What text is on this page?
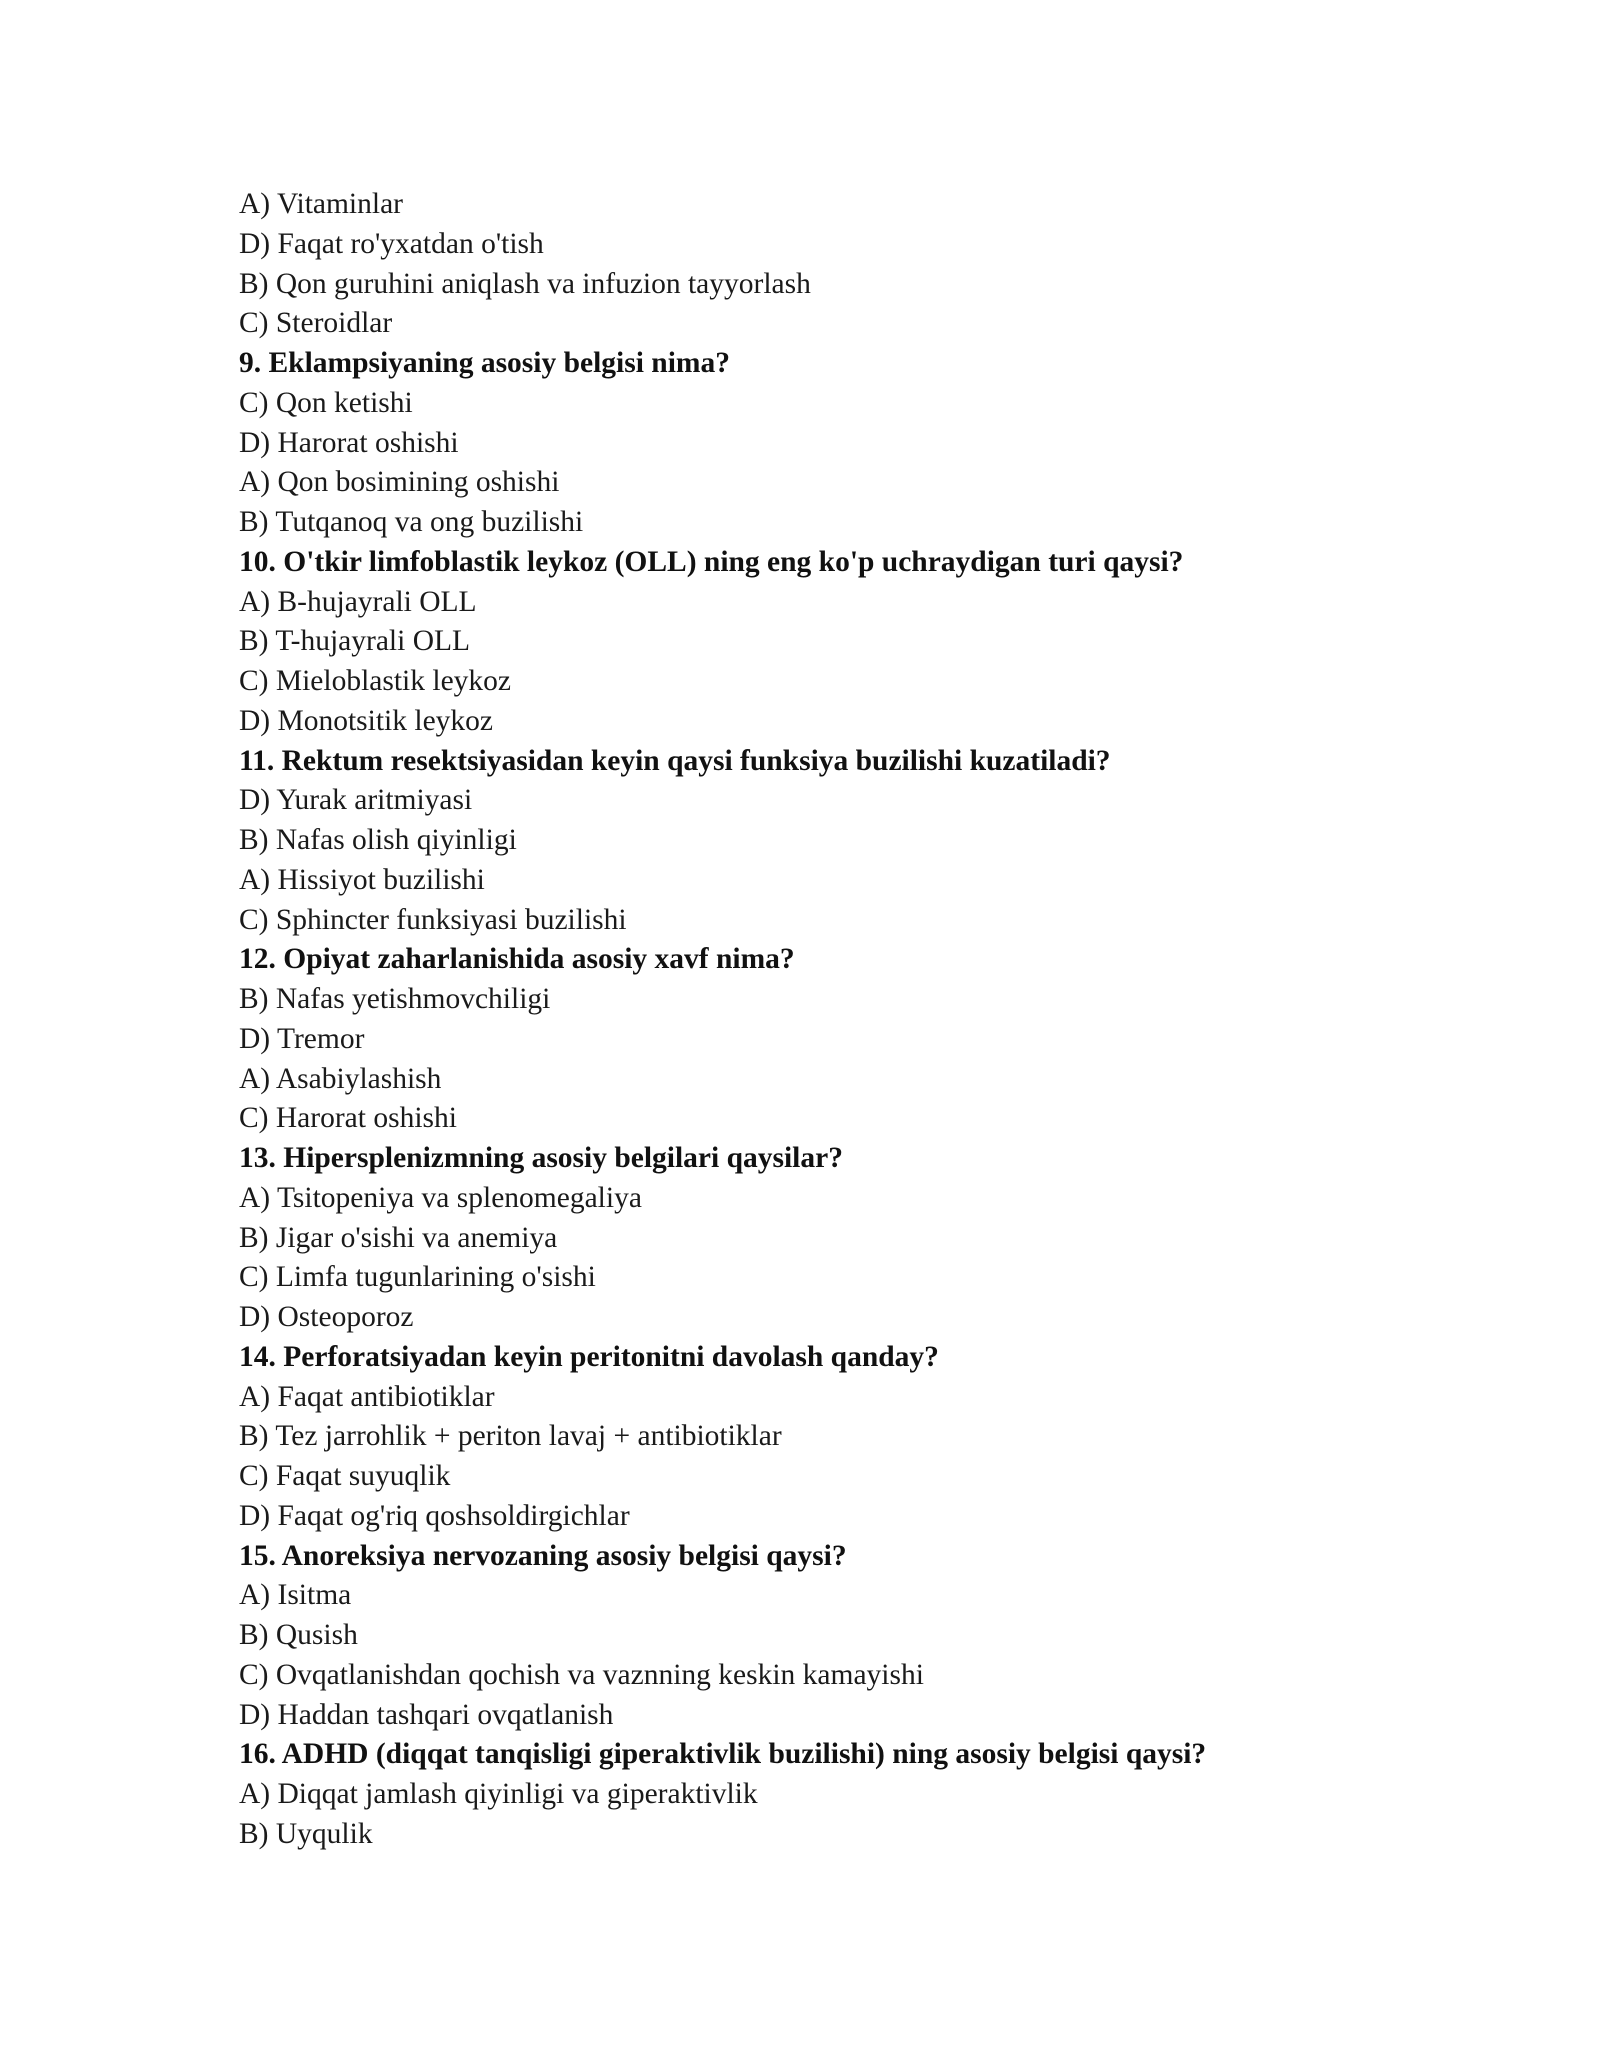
A) Vitaminlar
D) Faqat ro'yxatdan o'tish
B) Qon guruhini aniqlash va infuzion tayyorlash
C) Steroidlar
9. Eklampsiyaning asosiy belgisi nima?
C) Qon ketishi
D) Harorat oshishi
A) Qon bosimining oshishi
B) Tutqanoq va ong buzilishi
10. O'tkir limfoblastik leykoz (OLL) ning eng ko'p uchraydigan turi qaysi?
A) B-hujayrali OLL
B) T-hujayrali OLL
C) Mieloblastik leykoz
D) Monotsitik leykoz
11. Rektum resektsiyasidan keyin qaysi funksiya buzilishi kuzatiladi?
D) Yurak aritmiyasi
B) Nafas olish qiyinligi
A) Hissiyot buzilishi
C) Sphincter funksiyasi buzilishi
12. Opiyat zaharlanishida asosiy xavf nima?
B) Nafas yetishmovchiligi
D) Tremor
A) Asabiylashish
C) Harorat oshishi
13. Hipersplenizmning asosiy belgilari qaysilar?
A) Tsitopeniya va splenomegaliya
B) Jigar o'sishi va anemiya
C) Limfa tugunlarining o'sishi
D) Osteoporoz
14. Perforatsiyadan keyin peritonitni davolash qanday?
A) Faqat antibiotiklar
B) Tez jarrohlik + periton lavaj + antibiotiklar
C) Faqat suyuqlik
D) Faqat og'riq qoshsoldirgichlar
15. Anoreksiya nervozaning asosiy belgisi qaysi?
A) Isitma
B) Qusish
C) Ovqatlanishdan qochish va vaznning keskin kamayishi
D) Haddan tashqari ovqatlanish
16. ADHD (diqqat tanqisligi giperaktivlik buzilishi) ning asosiy belgisi qaysi?
A) Diqqat jamlash qiyinligi va giperaktivlik
B) Uyqulik
